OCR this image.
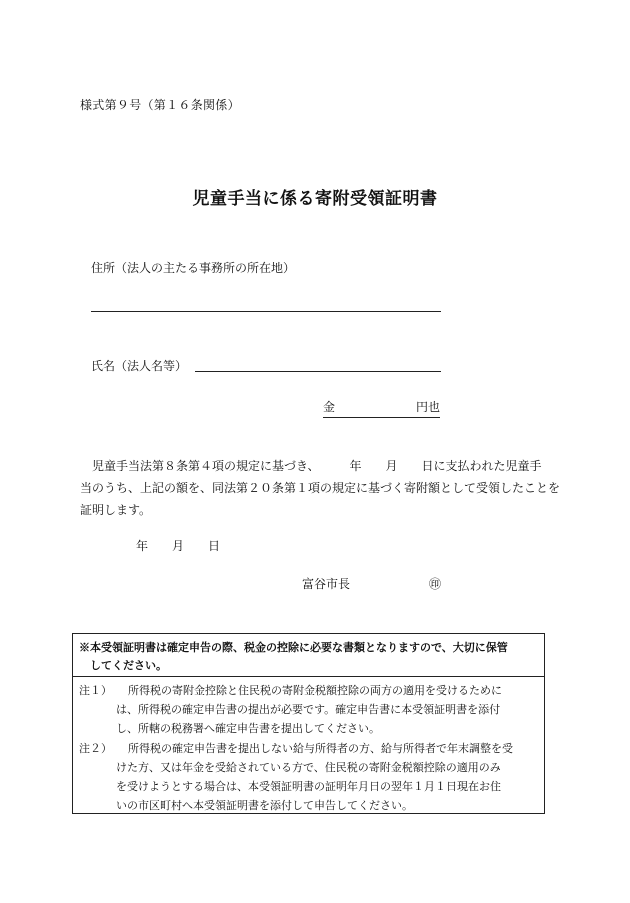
様式第９号（第１６条関係）
児童手当に係る寄附受領証明書
住所（法人の主たる事務所の所在地）
氏名（法人名等）
金	円也
児童手当法第８条第４項の規定に基づき、　　　年　　月　　日に支払われた児童手
当のうち、上記の額を、同法第２０条第１項の規定に基づく寄附額として受領したことを
証明します。
年　　月　　日
富谷市長	㊞
※本受領証明書は確定申告の際、税金の控除に必要な書類となりますので、大切に保管
してください。
注１） 所得税の寄附金控除と住民税の寄附金税額控除の両方の適用を受けるために
は、所得税の確定申告書の提出が必要です。確定申告書に本受領証明書を添付
し、所轄の税務署へ確定申告書を提出してください。
注２） 所得税の確定申告書を提出しない給与所得者の方、給与所得者で年末調整を受
けた方、又は年金を受給されている方で、住民税の寄附金税額控除の適用のみ
を受けようとする場合は、本受領証明書の証明年月日の翌年１月１日現在お住
いの市区町村へ本受領証明書を添付して申告してください。
